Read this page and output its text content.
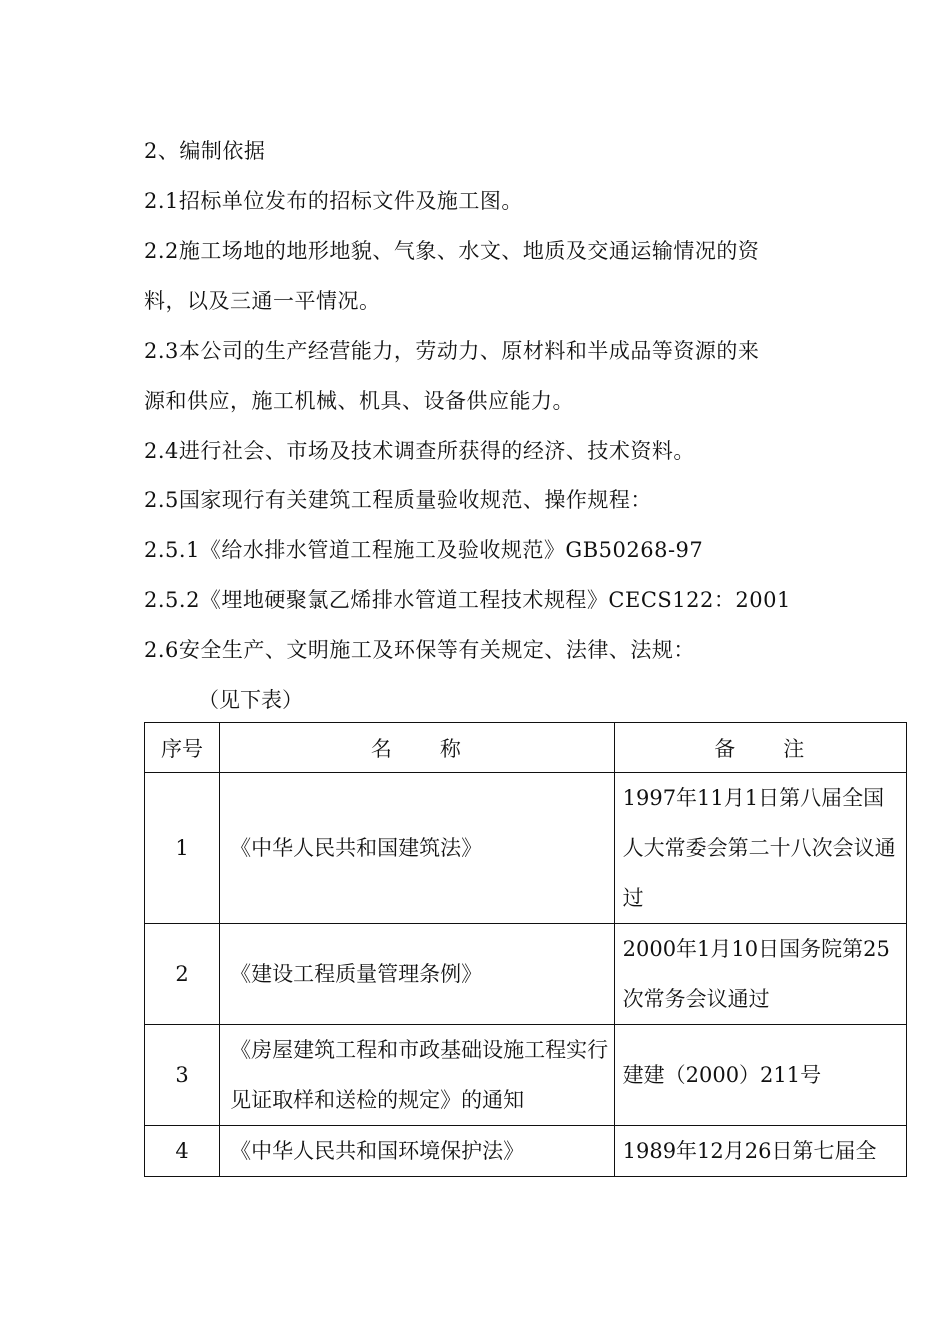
2、编制依据
2.1招标单位发布的招标文件及施工图。
2.2施工场地的地形地貌、气象、水文、地质及交通运输情况的资
料，以及三通一平情况。
2.3本公司的生产经营能力，劳动力、原材料和半成品等资源的来
源和供应，施工机械、机具、设备供应能力。
2.4进行社会、市场及技术调查所获得的经济、技术资料。
2.5国家现行有关建筑工程质量验收规范、操作规程：
2.5.1《给水排水管道工程施工及验收规范》GB50268-97
2.5.2《埋地硬聚氯乙烯排水管道工程技术规程》CECS122：2001
2.6安全生产、文明施工及环保等有关规定、法律、法规：
（见下表）
序号	名　　称	备　　注
1	《中华人民共和国建筑法》	1997年11月1日第八届全国人大常委会第二十八次会议通过
2	《建设工程质量管理条例》	2000年1月10日国务院第25次常务会议通过
3	《房屋建筑工程和市政基础设施工程实行见证取样和送检的规定》的通知	建建（2000）211号
4	《中华人民共和国环境保护法》	1989年12月26日第七届全
